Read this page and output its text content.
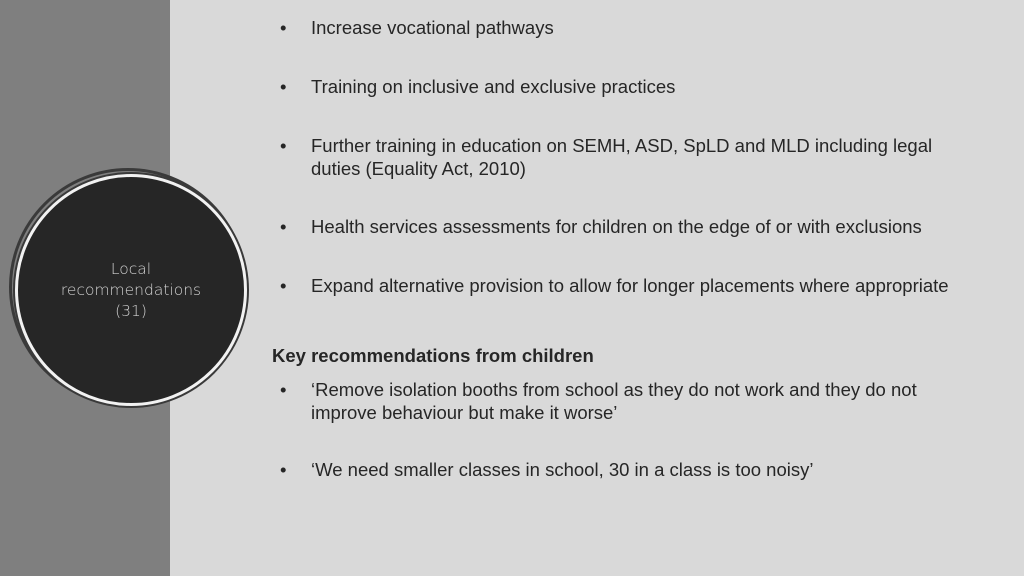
Local
recommendations
(31)
• Increase vocational pathways
• Training on inclusive and exclusive practices
• Further training in education on SEMH, ASD, SpLD and MLD including legal duties (Equality Act, 2010)
• Health services assessments for children on the edge of or with exclusions
• Expand alternative provision to allow for longer placements where appropriate
Key recommendations from children
• ‘Remove isolation booths from school as they do not work and they do not improve behaviour but make it worse’
• ‘We need smaller classes in school, 30 in a class is too noisy’
